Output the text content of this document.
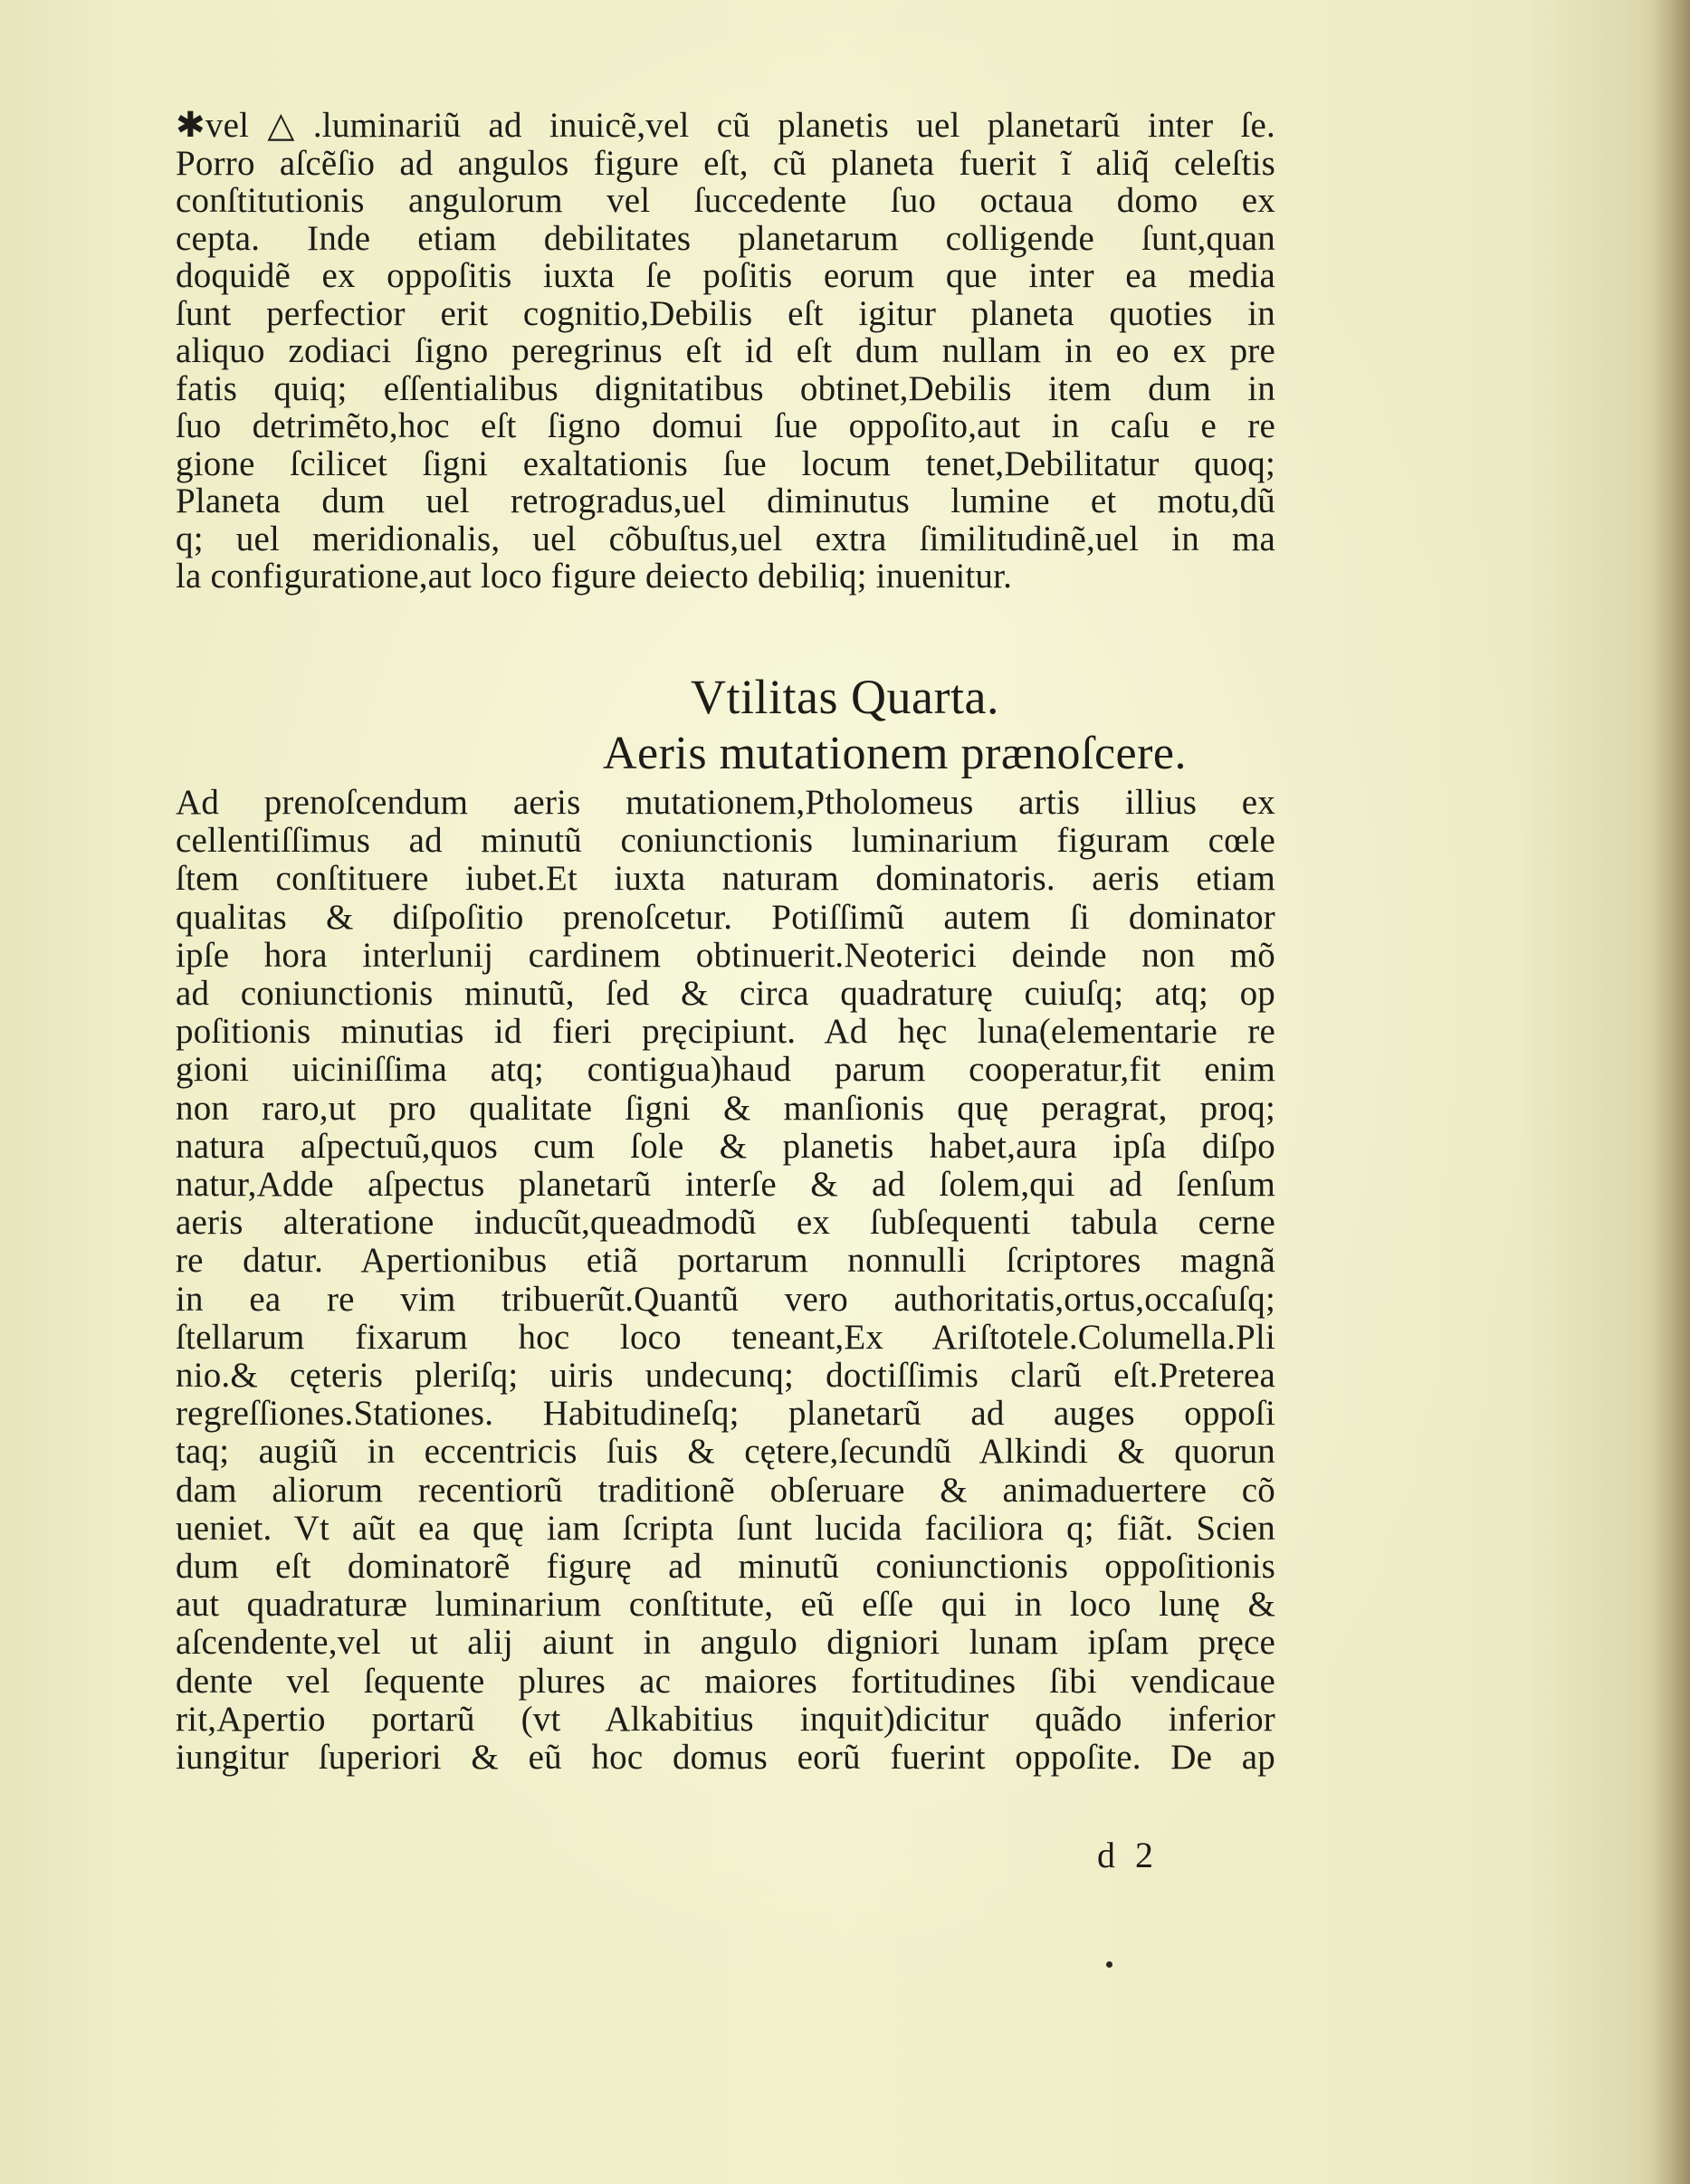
✱vel△.luminariũ ad inuicẽ,vel cũ planetis uel planetarũ inter ſe.
Porro aſcẽſio ad angulos figure eſt, cũ planeta fuerit ĩ aliq̃ celeſtis
conſtitutionis angulorum vel ſuccedente ſuo octaua domo ex
cepta. Inde etiam debilitates planetarum colligende ſunt,quan
doquidẽ ex oppoſitis iuxta ſe poſitis eorum que inter ea media
ſunt perfectior erit cognitio,Debilis eſt igitur planeta quoties in
aliquo zodiaci ſigno peregrinus eſt id eſt dum nullam in eo ex pre
fatis quiq; eſſentialibus dignitatibus obtinet,Debilis item dum in
ſuo detrimẽto,hoc eſt ſigno domui ſue oppoſito,aut in caſu e re
gione ſcilicet ſigni exaltationis ſue locum tenet,Debilitatur quoq;
Planeta dum uel retrogradus,uel diminutus lumine et motu,dũ
q; uel meridionalis, uel cõbuſtus,uel extra ſimilitudinẽ,uel in ma
la configuratione,aut loco figure deiecto debiliq; inuenitur.
Vtilitas Quarta.
Aeris mutationem prænoſcere.
Ad prenoſcendum aeris mutationem,Ptholomeus artis illius ex
cellentiſſimus ad minutũ coniunctionis luminarium figuram cœle
ſtem conſtituere iubet.Et iuxta naturam dominatoris. aeris etiam
qualitas & diſpoſitio prenoſcetur. Potiſſimũ autem ſi dominator
ipſe hora interlunij cardinem obtinuerit.Neoterici deinde non mõ
ad coniunctionis minutũ, ſed & circa quadraturę cuiuſq; atq; op
poſitionis minutias id fieri pręcipiunt. Ad hęc luna(elementarie re
gioni uiciniſſima atq; contigua)haud parum cooperatur,fit enim
non raro,ut pro qualitate ſigni & manſionis quę peragrat, proq;
natura aſpectuũ,quos cum ſole & planetis habet,aura ipſa diſpo
natur,Adde aſpectus planetarũ interſe & ad ſolem,qui ad ſenſum
aeris alteratione inducũt,queadmodũ ex ſubſequenti tabula cerne
re datur. Apertionibus etiã portarum nonnulli ſcriptores magnã
in ea re vim tribuerũt.Quantũ vero authoritatis,ortus,occaſuſq;
ſtellarum fixarum hoc loco teneant,Ex Ariſtotele.Columella.Pli
nio.& cęteris pleriſq; uiris undecunq; doctiſſimis clarũ eſt.Preterea
regreſſiones.Stationes. Habitudineſq; planetarũ ad auges oppoſi
taq; augiũ in eccentricis ſuis & cętere,ſecundũ Alkindi & quorun
dam aliorum recentiorũ traditionẽ obſeruare & animaduertere cõ
ueniet. Vt aũt ea quę iam ſcripta ſunt lucida faciliora q; fiãt. Scien
dum eſt dominatorẽ figurę ad minutũ coniunctionis oppoſitionis
aut quadraturæ luminarium conſtitute, eũ eſſe qui in loco lunę &
aſcendente,vel ut alij aiunt in angulo digniori lunam ipſam pręce
dente vel ſequente plures ac maiores fortitudines ſibi vendicaue
rit,Apertio portarũ (vt Alkabitius inquit)dicitur quãdo inferior
iungitur ſuperiori & eũ hoc domus eorũ fuerint oppoſite. De ap
d 2
